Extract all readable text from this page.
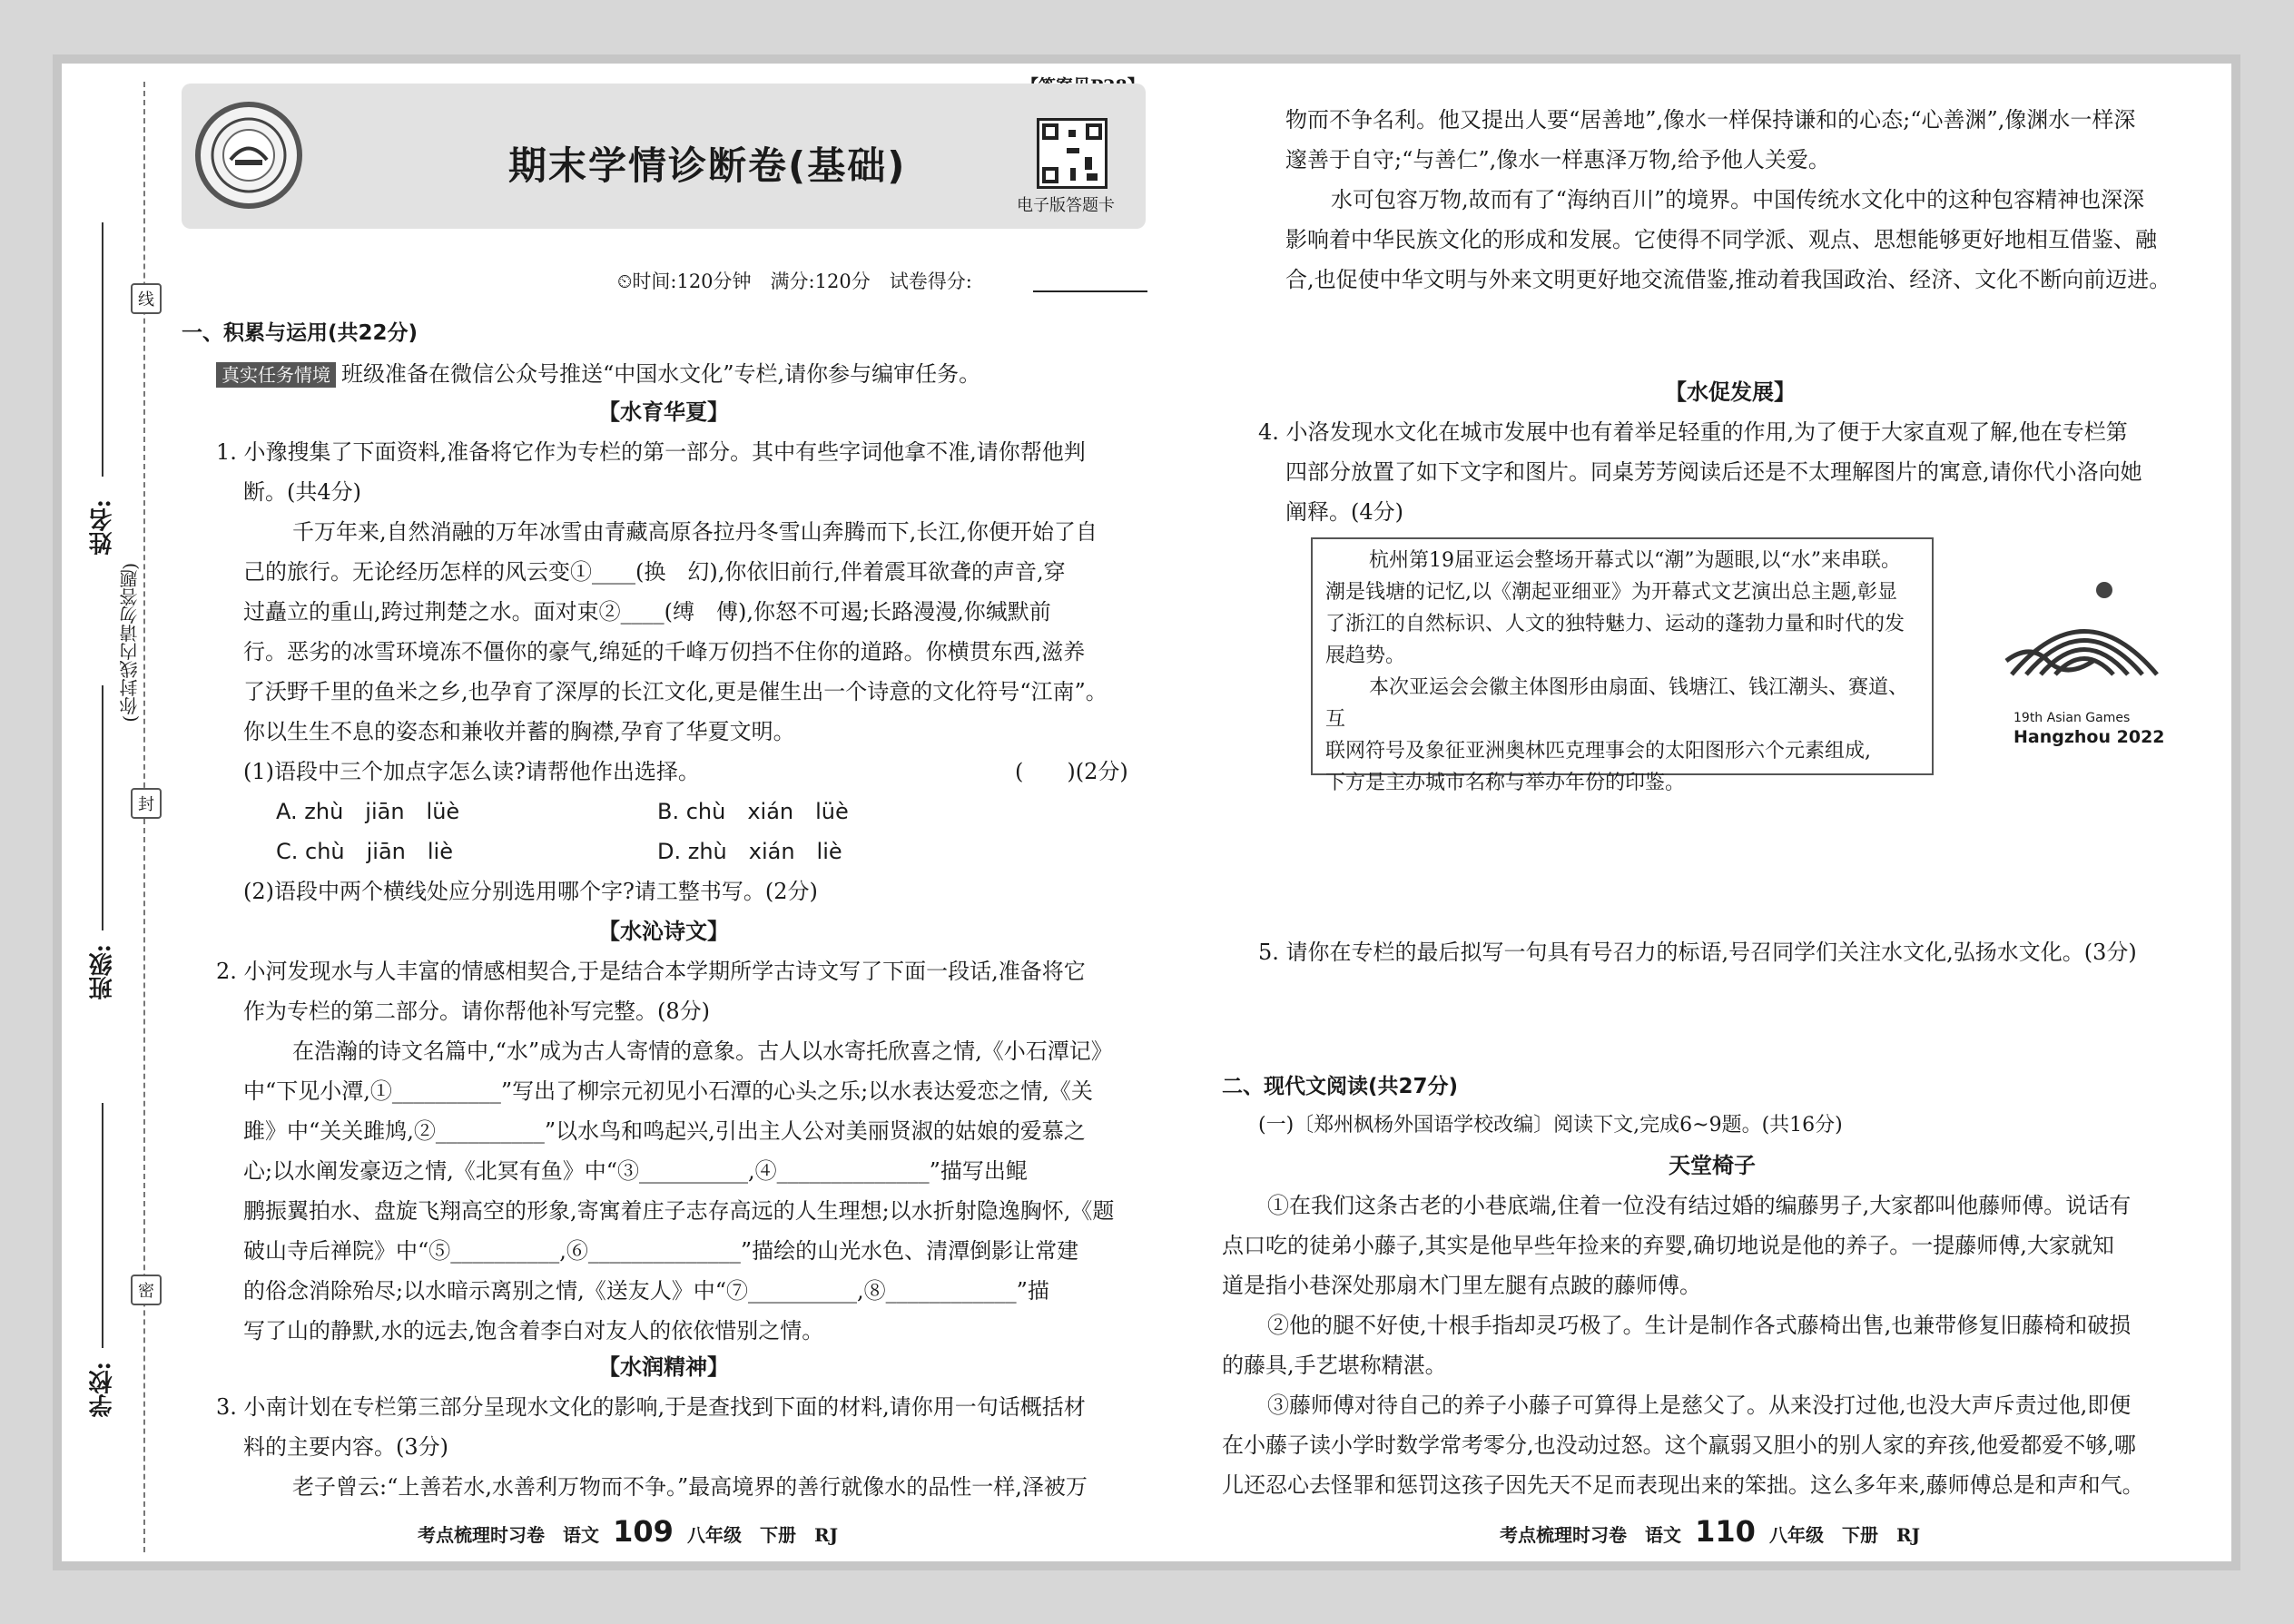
线
封
密
姓名:
班级:
学校:
(你封线内请勿答题)
期末学情诊断卷(基础)
电子版答题卡
⏲时间:120分钟　满分:120分　试卷得分:
一、积累与运用(共22分)
真实任务情境 班级准备在微信公众号推送“中国水文化”专栏,请你参与编审任务。
【水育华夏】
1. 小豫搜集了下面资料,准备将它作为专栏的第一部分。其中有些字词他拿不准,请你帮他判
断。(共4分)
千万年来,自然消融的万年冰雪由青藏高原各拉丹冬雪山奔腾而下,长江,你便开始了自
己的旅行。无论经历怎样的风云变①____(换　幻),你依旧前行,伴着震耳欲聋的声音,穿
过矗立的重山,跨过荆楚之水。面对束②____(缚　傅),你怒不可遏;长路漫漫,你缄默前
行。恶劣的冰雪环境冻不僵你的豪气,绵延的千峰万仞挡不住你的道路。你横贯东西,滋养
了沃野千里的鱼米之乡,也孕育了深厚的长江文化,更是催生出一个诗意的文化符号“江南”。
你以生生不息的姿态和兼收并蓄的胸襟,孕育了华夏文明。
(1)语段中三个加点字怎么读?请帮他作出选择。	(　　)(2分)
A. zhù　jiān　lüè	B. chù　xián　lüè
C. chù　jiān　liè	D. zhù　xián　liè
(2)语段中两个横线处应分别选用哪个字?请工整书写。(2分)
【水沁诗文】
2. 小河发现水与人丰富的情感相契合,于是结合本学期所学古诗文写了下面一段话,准备将它
作为专栏的第二部分。请你帮他补写完整。(8分)
在浩瀚的诗文名篇中,“水”成为古人寄情的意象。古人以水寄托欣喜之情,《小石潭记》
中“下见小潭,①__________”写出了柳宗元初见小石潭的心头之乐;以水表达爱恋之情,《关
雎》中“关关雎鸠,②__________”以水鸟和鸣起兴,引出主人公对美丽贤淑的姑娘的爱慕之
心;以水阐发豪迈之情,《北冥有鱼》中“③__________,④______________”描写出鲲
鹏振翼拍水、盘旋飞翔高空的形象,寄寓着庄子志存高远的人生理想;以水折射隐逸胸怀,《题
破山寺后禅院》中“⑤__________,⑥______________”描绘的山光水色、清潭倒影让常建
的俗念消除殆尽;以水暗示离别之情,《送友人》中“⑦__________,⑧____________”描
写了山的静默,水的远去,饱含着李白对友人的依依惜别之情。
【水润精神】
3. 小南计划在专栏第三部分呈现水文化的影响,于是查找到下面的材料,请你用一句话概括材
料的主要内容。(3分)
老子曾云:“上善若水,水善利万物而不争。”最高境界的善行就像水的品性一样,泽被万
考点梳理时习卷　语文 109 八年级　下册　RJ
物而不争名利。他又提出人要“居善地”,像水一样保持谦和的心态;“心善渊”,像渊水一样深
邃善于自守;“与善仁”,像水一样惠泽万物,给予他人关爱。
水可包容万物,故而有了“海纳百川”的境界。中国传统水文化中的这种包容精神也深深
影响着中华民族文化的形成和发展。它使得不同学派、观点、思想能够更好地相互借鉴、融
合,也促使中华文明与外来文明更好地交流借鉴,推动着我国政治、经济、文化不断向前迈进。
【水促发展】
4. 小洛发现水文化在城市发展中也有着举足轻重的作用,为了便于大家直观了解,他在专栏第
四部分放置了如下文字和图片。同桌芳芳阅读后还是不太理解图片的寓意,请你代小洛向她
阐释。(4分)
杭州第19届亚运会整场开幕式以“潮”为题眼,以“水”来串联。
潮是钱塘的记忆,以《潮起亚细亚》为开幕式文艺演出总主题,彰显
了浙江的自然标识、人文的独特魅力、运动的蓬勃力量和时代的发
展趋势。
本次亚运会会徽主体图形由扇面、钱塘江、钱江潮头、赛道、互
联网符号及象征亚洲奥林匹克理事会的太阳图形六个元素组成,
下方是主办城市名称与举办年份的印鉴。
19th Asian Games
Hangzhou 2022
5. 请你在专栏的最后拟写一句具有号召力的标语,号召同学们关注水文化,弘扬水文化。(3分)
二、现代文阅读(共27分)
(一)〔郑州枫杨外国语学校改编〕阅读下文,完成6~9题。(共16分)
天堂椅子
①在我们这条古老的小巷底端,住着一位没有结过婚的编藤男子,大家都叫他藤师傅。说话有
点口吃的徒弟小藤子,其实是他早些年捡来的弃婴,确切地说是他的养子。一提藤师傅,大家就知
道是指小巷深处那扇木门里左腿有点跛的藤师傅。
②他的腿不好使,十根手指却灵巧极了。生计是制作各式藤椅出售,也兼带修复旧藤椅和破损
的藤具,手艺堪称精湛。
③藤师傅对待自己的养子小藤子可算得上是慈父了。从来没打过他,也没大声斥责过他,即便
在小藤子读小学时数学常考零分,也没动过怒。这个羸弱又胆小的别人家的弃孩,他爱都爱不够,哪
儿还忍心去怪罪和惩罚这孩子因先天不足而表现出来的笨拙。这么多年来,藤师傅总是和声和气。
考点梳理时习卷　语文 110 八年级　下册　RJ
